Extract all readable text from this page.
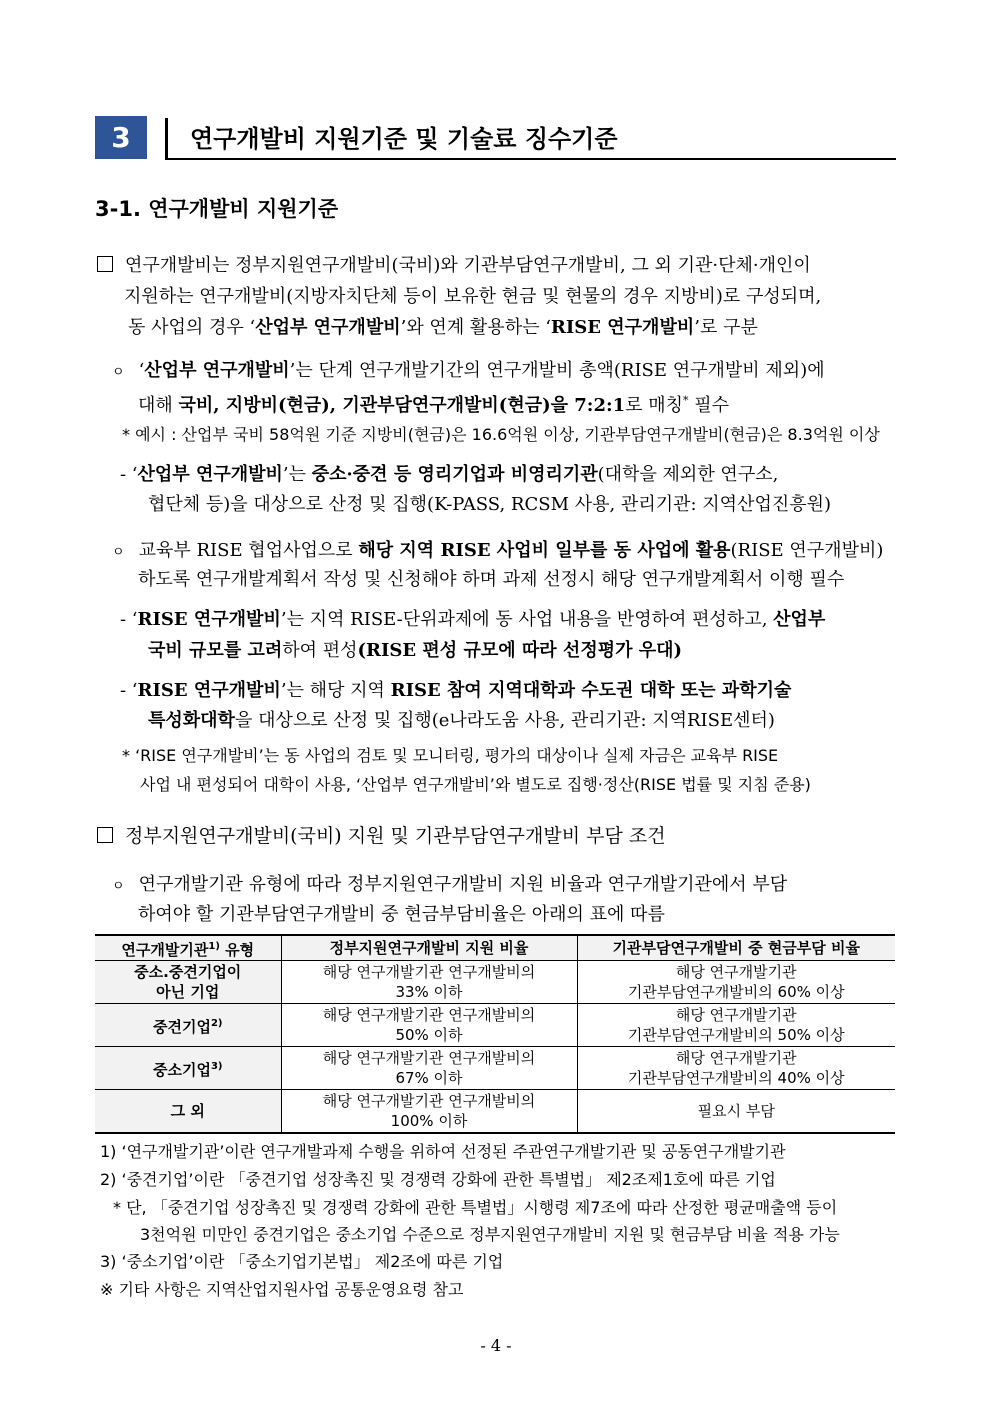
3	연구개발비 지원기준 및 기술료 징수기준
3-1. 연구개발비 지원기준
연구개발비는 정부지원연구개발비(국비)와 기관부담연구개발비, 그 외 기관·단체·개인이
지원하는 연구개발비(지방자치단체 등이 보유한 현금 및 현물의 경우 지방비)로 구성되며,
동 사업의 경우 ‘산업부 연구개발비’와 연계 활용하는 ‘RISE 연구개발비’로 구분
ㅇ ‘산업부 연구개발비’는 단계 연구개발기간의 연구개발비 총액(RISE 연구개발비 제외)에
대해 국비, 지방비(현금), 기관부담연구개발비(현금)을 7:2:1로 매칭* 필수
* 예시 : 산업부 국비 58억원 기준 지방비(현금)은 16.6억원 이상, 기관부담연구개발비(현금)은 8.3억원 이상
- ‘산업부 연구개발비’는 중소·중견 등 영리기업과 비영리기관(대학을 제외한 연구소,
협단체 등)을 대상으로 산정 및 집행(K-PASS, RCSM 사용, 관리기관: 지역산업진흥원)
ㅇ 교육부 RISE 협업사업으로 해당 지역 RISE 사업비 일부를 동 사업에 활용(RISE 연구개발비)
하도록 연구개발계획서 작성 및 신청해야 하며 과제 선정시 해당 연구개발계획서 이행 필수
- ‘RISE 연구개발비’는 지역 RISE-단위과제에 동 사업 내용을 반영하여 편성하고, 산업부
국비 규모를 고려하여 편성(RISE 편성 규모에 따라 선정평가 우대)
- ‘RISE 연구개발비’는 해당 지역 RISE 참여 지역대학과 수도권 대학 또는 과학기술
특성화대학을 대상으로 산정 및 집행(e나라도움 사용, 관리기관: 지역RISE센터)
* ‘RISE 연구개발비’는 동 사업의 검토 및 모니터링, 평가의 대상이나 실제 자금은 교육부 RISE
사업 내 편성되어 대학이 사용, ‘산업부 연구개발비’와 별도로 집행·정산(RISE 법률 및 지침 준용)
정부지원연구개발비(국비) 지원 및 기관부담연구개발비 부담 조건
ㅇ 연구개발기관 유형에 따라 정부지원연구개발비 지원 비율과 연구개발기관에서 부담
하여야 할 기관부담연구개발비 중 현금부담비율은 아래의 표에 따름
연구개발기관$^{1)}$ 유형	정부지원연구개발비 지원 비율	기관부담연구개발비 중 현금부담 비율
중소.중견기업이
아닌 기업	해당 연구개발기관 연구개발비의
33% 이하	해당 연구개발기관
기관부담연구개발비의 60% 이상
중견기업$^{2)}$	해당 연구개발기관 연구개발비의
50% 이하	해당 연구개발기관
기관부담연구개발비의 50% 이상
중소기업$^{3)}$	해당 연구개발기관 연구개발비의
67% 이하	해당 연구개발기관
기관부담연구개발비의 40% 이상
그 외	해당 연구개발기관 연구개발비의
100% 이하	필요시 부담
1) ‘연구개발기관’이란 연구개발과제 수행을 위하여 선정된 주관연구개발기관 및 공동연구개발기관
2) ‘중견기업’이란 「중견기업 성장촉진 및 경쟁력 강화에 관한 특별법」 제2조제1호에 따른 기업
* 단, 「중견기업 성장촉진 및 경쟁력 강화에 관한 특별법」시행령 제7조에 따라 산정한 평균매출액 등이
3천억원 미만인 중견기업은 중소기업 수준으로 정부지원연구개발비 지원 및 현금부담 비율 적용 가능
3) ‘중소기업’이란 「중소기업기본법」 제2조에 따른 기업
※ 기타 사항은 지역산업지원사업 공통운영요령 참고
- 4 -
